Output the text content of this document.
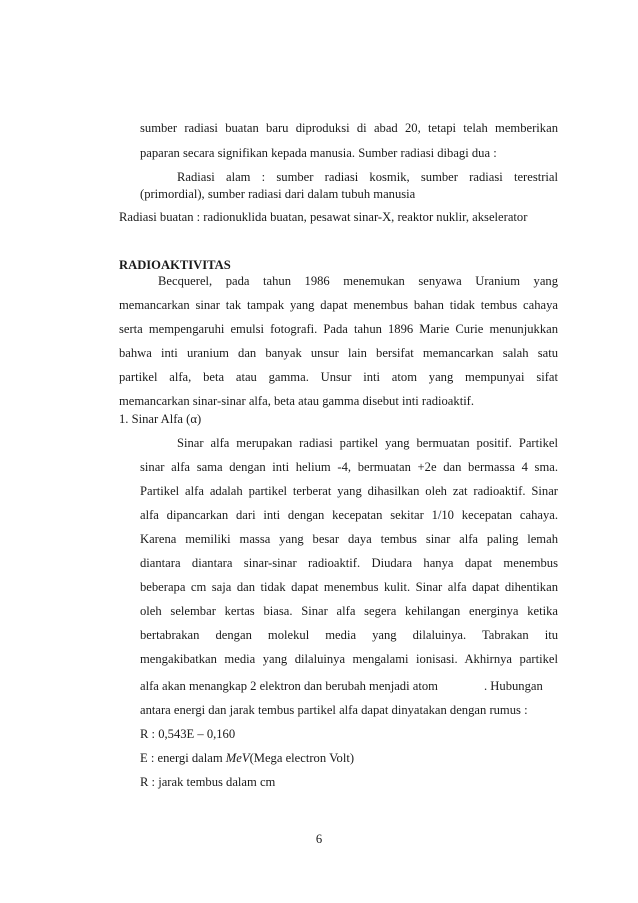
sumber radiasi buatan baru diproduksi di abad 20, tetapi telah memberikan
paparan secara signifikan kepada manusia. Sumber radiasi dibagi dua :
Radiasi alam : sumber radiasi kosmik, sumber radiasi terestrial
(primordial), sumber radiasi dari dalam tubuh manusia
Radiasi buatan : radionuklida buatan, pesawat sinar-X, reaktor nuklir, akselerator
RADIOAKTIVITAS
Becquerel, pada tahun 1986 menemukan senyawa Uranium yang
memancarkan sinar tak tampak yang dapat menembus bahan tidak tembus cahaya
serta mempengaruhi emulsi fotografi. Pada tahun 1896 Marie Curie menunjukkan
bahwa inti uranium dan banyak unsur lain bersifat memancarkan salah satu
partikel alfa, beta atau gamma. Unsur inti atom yang mempunyai sifat
memancarkan sinar-sinar alfa, beta atau gamma disebut inti radioaktif.
1. Sinar Alfa (α)
Sinar alfa merupakan radiasi partikel yang bermuatan positif. Partikel
sinar alfa sama dengan inti helium -4, bermuatan +2e dan bermassa 4 sma.
Partikel alfa adalah partikel terberat yang dihasilkan oleh zat radioaktif. Sinar
alfa dipancarkan dari inti dengan kecepatan sekitar 1/10 kecepatan cahaya.
Karena memiliki massa yang besar daya tembus sinar alfa paling lemah
diantara diantara sinar-sinar radioaktif. Diudara hanya dapat menembus
beberapa cm saja dan tidak dapat menembus kulit. Sinar alfa dapat dihentikan
oleh selembar kertas biasa. Sinar alfa segera kehilangan energinya ketika
bertabrakan dengan molekul media yang dilaluinya. Tabrakan itu
mengakibatkan media yang dilaluinya mengalami ionisasi. Akhirnya partikel
alfa akan menangkap 2 elektron dan berubah menjadi atom	. Hubungan
antara energi dan jarak tembus partikel alfa dapat dinyatakan dengan rumus :
R : 0,543E – 0,160
E : energi dalam MeV(Mega electron Volt)
R : jarak tembus dalam cm
6
